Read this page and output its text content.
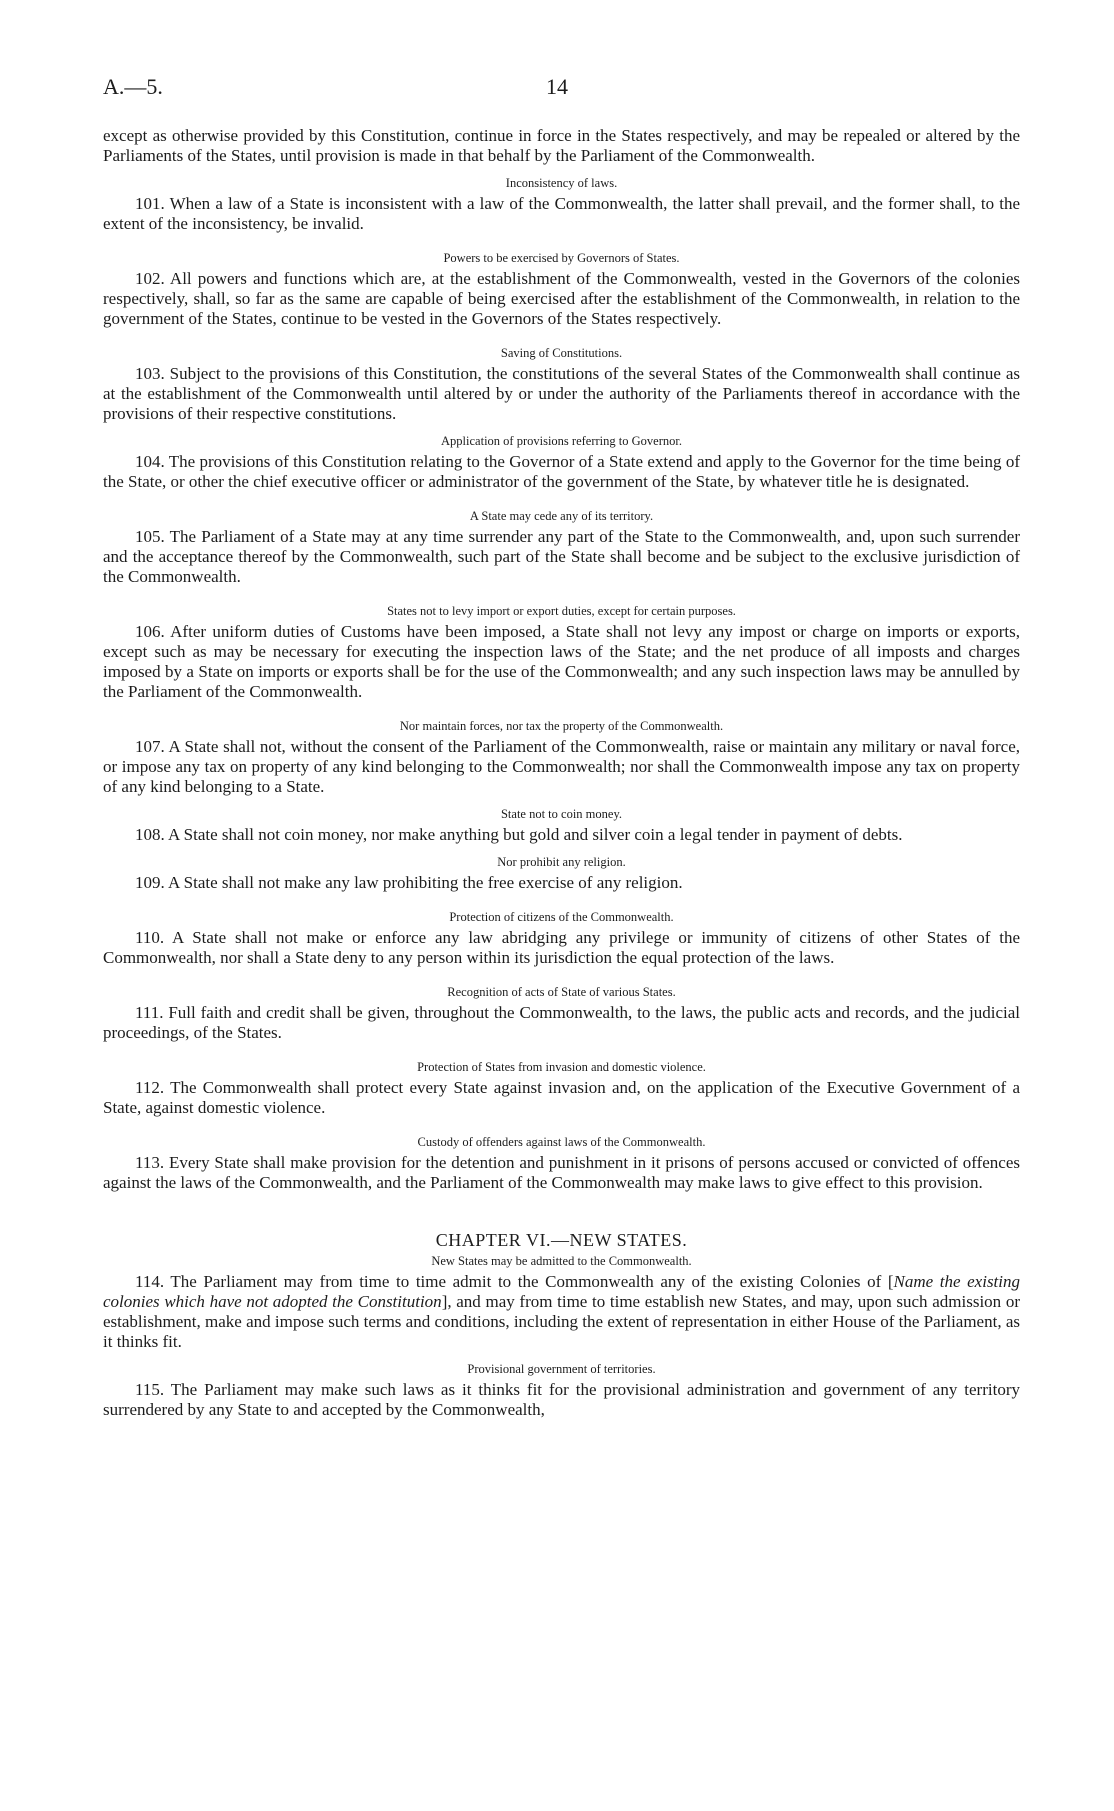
A.—5.	14

except as otherwise provided by this Constitution, continue in force in the States respectively, and may be repealed or altered by the Parliaments of the States, until provision is made in that behalf by the Parliament of the Commonwealth.

Inconsistency of laws.

101. When a law of a State is inconsistent with a law of the Commonwealth, the latter shall prevail, and the former shall, to the extent of the inconsistency, be invalid.

Powers to be exercised by Governors of States.

102. All powers and functions which are, at the establishment of the Commonwealth, vested in the Governors of the colonies respectively, shall, so far as the same are capable of being exercised after the establishment of the Commonwealth, in relation to the government of the States, continue to be vested in the Governors of the States respectively.

Saving of Constitutions.

103. Subject to the provisions of this Constitution, the constitutions of the several States of the Commonwealth shall continue as at the establishment of the Commonwealth until altered by or under the authority of the Parliaments thereof in accordance with the provisions of their respective constitutions.

Application of provisions referring to Governor.

104. The provisions of this Constitution relating to the Governor of a State extend and apply to the Governor for the time being of the State, or other the chief executive officer or administrator of the government of the State, by whatever title he is designated.

A State may cede any of its territory.

105. The Parliament of a State may at any time surrender any part of the State to the Commonwealth, and, upon such surrender and the acceptance thereof by the Commonwealth, such part of the State shall become and be subject to the exclusive jurisdiction of the Commonwealth.

States not to levy import or export duties, except for certain purposes.

106. After uniform duties of Customs have been imposed, a State shall not levy any impost or charge on imports or exports, except such as may be necessary for executing the inspection laws of the State; and the net produce of all imposts and charges imposed by a State on imports or exports shall be for the use of the Commonwealth; and any such inspection laws may be annulled by the Parliament of the Commonwealth.

Nor maintain forces, nor tax the property of the Commonwealth.

107. A State shall not, without the consent of the Parliament of the Commonwealth, raise or maintain any military or naval force, or impose any tax on property of any kind belonging to the Commonwealth; nor shall the Commonwealth impose any tax on property of any kind belonging to a State.

State not to coin money.

108. A State shall not coin money, nor make anything but gold and silver coin a legal tender in payment of debts.

Nor prohibit any religion.

109. A State shall not make any law prohibiting the free exercise of any religion.

Protection of citizens of the Commonwealth.

110. A State shall not make or enforce any law abridging any privilege or immunity of citizens of other States of the Commonwealth, nor shall a State deny to any person within its jurisdiction the equal protection of the laws.

Recognition of acts of State of various States.

111. Full faith and credit shall be given, throughout the Commonwealth, to the laws, the public acts and records, and the judicial proceedings, of the States.

Protection of States from invasion and domestic violence.

112. The Commonwealth shall protect every State against invasion and, on the application of the Executive Government of a State, against domestic violence.

Custody of offenders against laws of the Commonwealth.

113. Every State shall make provision for the detention and punishment in it prisons of persons accused or convicted of offences against the laws of the Commonwealth, and the Parliament of the Commonwealth may make laws to give effect to this provision.

CHAPTER VI.—NEW STATES.
New States may be admitted to the Commonwealth.

114. The Parliament may from time to time admit to the Commonwealth any of the existing Colonies of [Name the existing colonies which have not adopted the Constitution], and may from time to time establish new States, and may, upon such admission or establishment, make and impose such terms and conditions, including the extent of representation in either House of the Parliament, as it thinks fit.

Provisional government of territories.

115. The Parliament may make such laws as it thinks fit for the provisional administration and government of any territory surrendered by any State to and accepted by the Commonwealth,
